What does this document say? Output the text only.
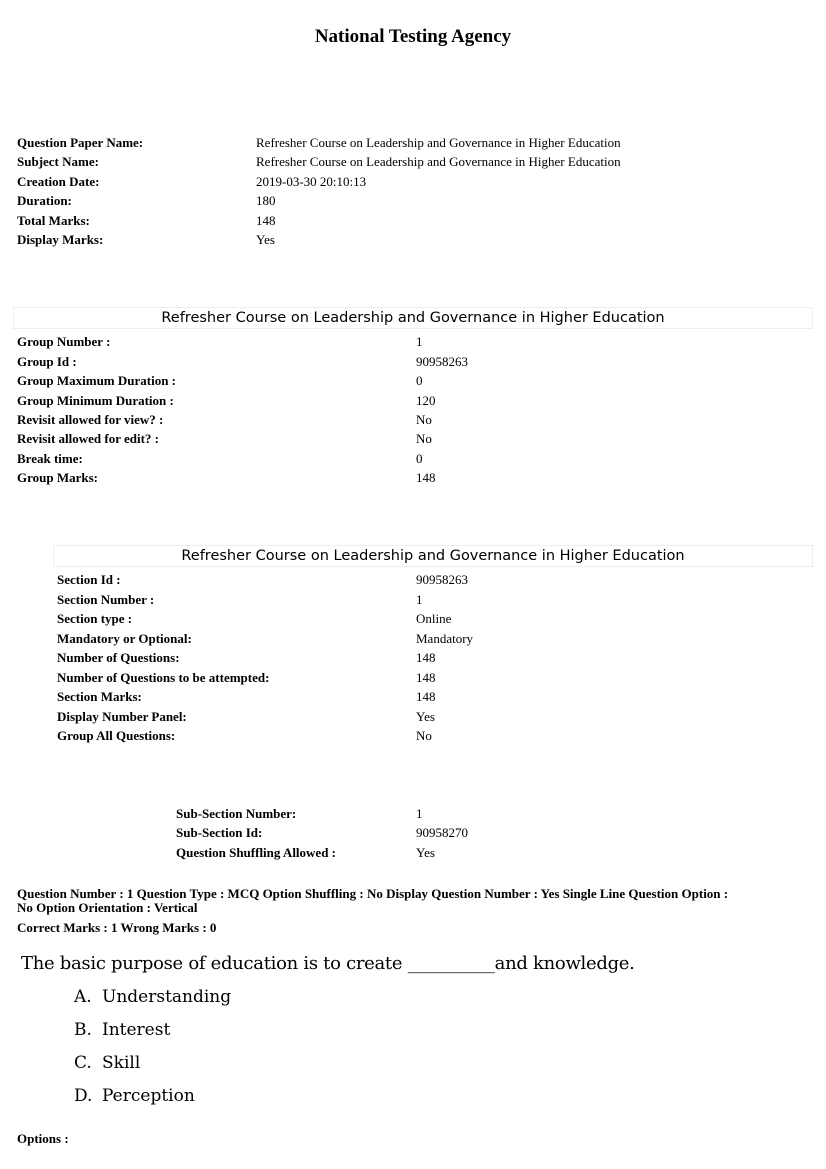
National Testing Agency
Question Paper Name:	Refresher Course on Leadership and Governance in Higher Education
Subject Name:	Refresher Course on Leadership and Governance in Higher Education
Creation Date:	2019-03-30 20:10:13
Duration:	180
Total Marks:	148
Display Marks:	Yes
Refresher Course on Leadership and Governance in Higher Education
Group Number :	1
Group Id :	90958263
Group Maximum Duration :	0
Group Minimum Duration :	120
Revisit allowed for view? :	No
Revisit allowed for edit? :	No
Break time:	0
Group Marks:	148
Refresher Course on Leadership and Governance in Higher Education
Section Id :	90958263
Section Number :	1
Section type :	Online
Mandatory or Optional:	Mandatory
Number of Questions:	148
Number of Questions to be attempted:	148
Section Marks:	148
Display Number Panel:	Yes
Group All Questions:	No
Sub-Section Number:	1
Sub-Section Id:	90958270
Question Shuffling Allowed :	Yes
Question Number : 1 Question Type : MCQ Option Shuffling : No Display Question Number : Yes Single Line Question Option :
No Option Orientation : Vertical
Correct Marks : 1 Wrong Marks : 0
The basic purpose of education is to create __________and knowledge.
A. Understanding
B. Interest
C. Skill
D. Perception
Options :
